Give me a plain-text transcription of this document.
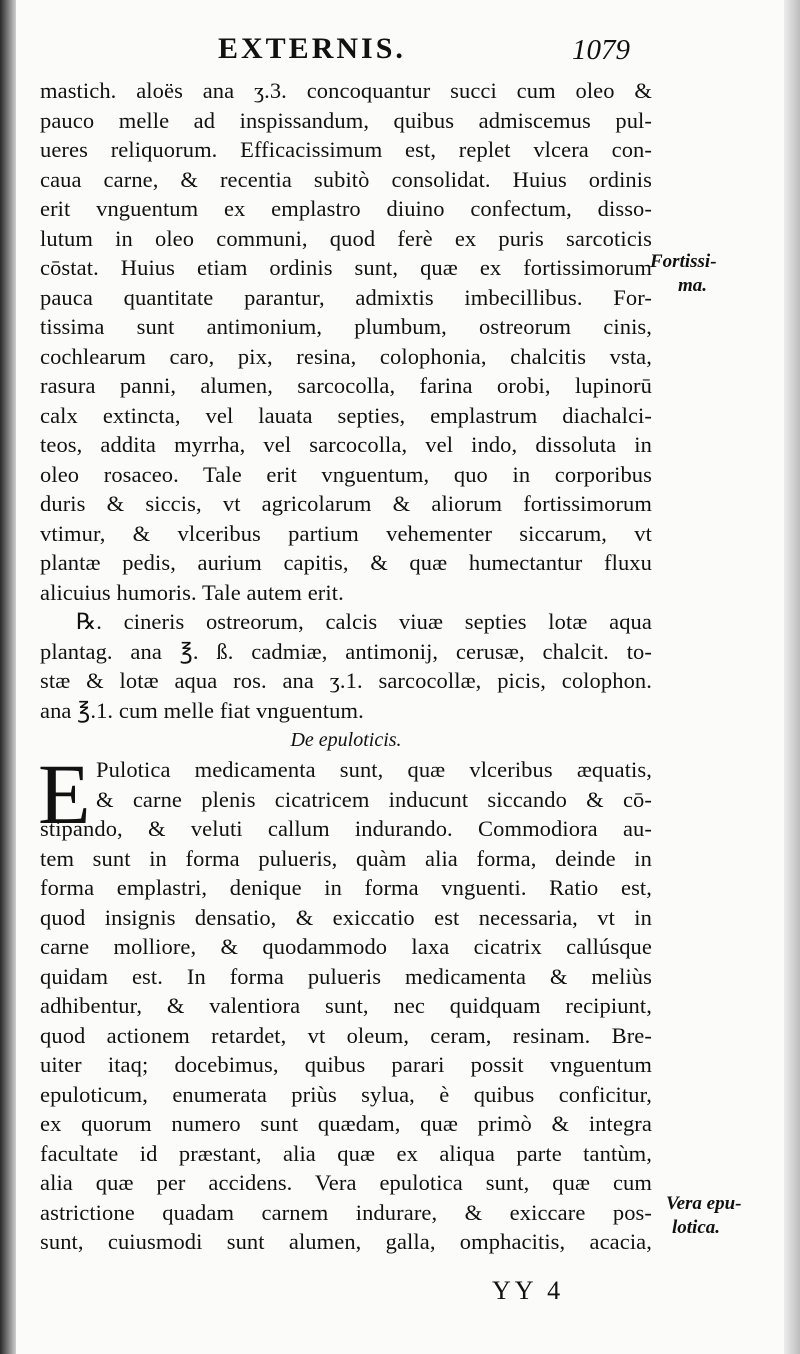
EXTERNIS.	1079
mastich. aloës ana ʒ.3. concoquantur succi cum oleo &
pauco melle ad inspissandum, quibus admiscemus pul-
ueres reliquorum. Efficacissimum est, replet vlcera con-
caua carne, & recentia subitò consolidat. Huius ordinis
erit vnguentum ex emplastro diuino confectum, disso-
lutum in oleo communi, quod ferè ex puris sarcoticis
cōstat. Huius etiam ordinis sunt, quæ ex fortissimorum
pauca quantitate parantur, admixtis imbecillibus. For-
tissima sunt antimonium, plumbum, ostreorum cinis,
cochlearum caro, pix, resina, colophonia, chalcitis vsta,
rasura panni, alumen, sarcocolla, farina orobi, lupinorū
calx extincta, vel lauata septies, emplastrum diachalci-
teos, addita myrrha, vel sarcocolla, vel indo, dissoluta in
oleo rosaceo. Tale erit vnguentum, quo in corporibus
duris & siccis, vt agricolarum & aliorum fortissimorum
vtimur, & vlceribus partium vehementer siccarum, vt
plantæ pedis, aurium capitis, & quæ humectantur fluxu
alicuius humoris. Tale autem erit.
℞. cineris ostreorum, calcis viuæ septies lotæ aqua
plantag. ana ℥. ß. cadmiæ, antimonij, cerusæ, chalcit. to-
stæ & lotæ aqua ros. ana ʒ.1. sarcocollæ, picis, colophon.
ana ℥.1. cum melle fiat vnguentum.
De epuloticis.
E Pulotica medicamenta sunt, quæ vlceribus æquatis,
& carne plenis cicatricem inducunt siccando & cō-
stipando, & veluti callum indurando. Commodiora au-
tem sunt in forma pulueris, quàm alia forma, deinde in
forma emplastri, denique in forma vnguenti. Ratio est,
quod insignis densatio, & exiccatio est necessaria, vt in
carne molliore, & quodammodo laxa cicatrix callúsque
quidam est. In forma pulueris medicamenta & meliùs
adhibentur, & valentiora sunt, nec quidquam recipiunt,
quod actionem retardet, vt oleum, ceram, resinam. Bre-
uiter itaq; docebimus, quibus parari possit vnguentum
epuloticum, enumerata priùs sylua, è quibus conficitur,
ex quorum numero sunt quædam, quæ primò & integra
facultate id præstant, alia quæ ex aliqua parte tantùm,
alia quæ per accidens. Vera epulotica sunt, quæ cum
astrictione quadam carnem indurare, & exiccare pos-
sunt, cuiusmodi sunt alumen, galla, omphacitis, acacia,
Fortissi-
ma.
Vera epu-
lotica.
YY 4
